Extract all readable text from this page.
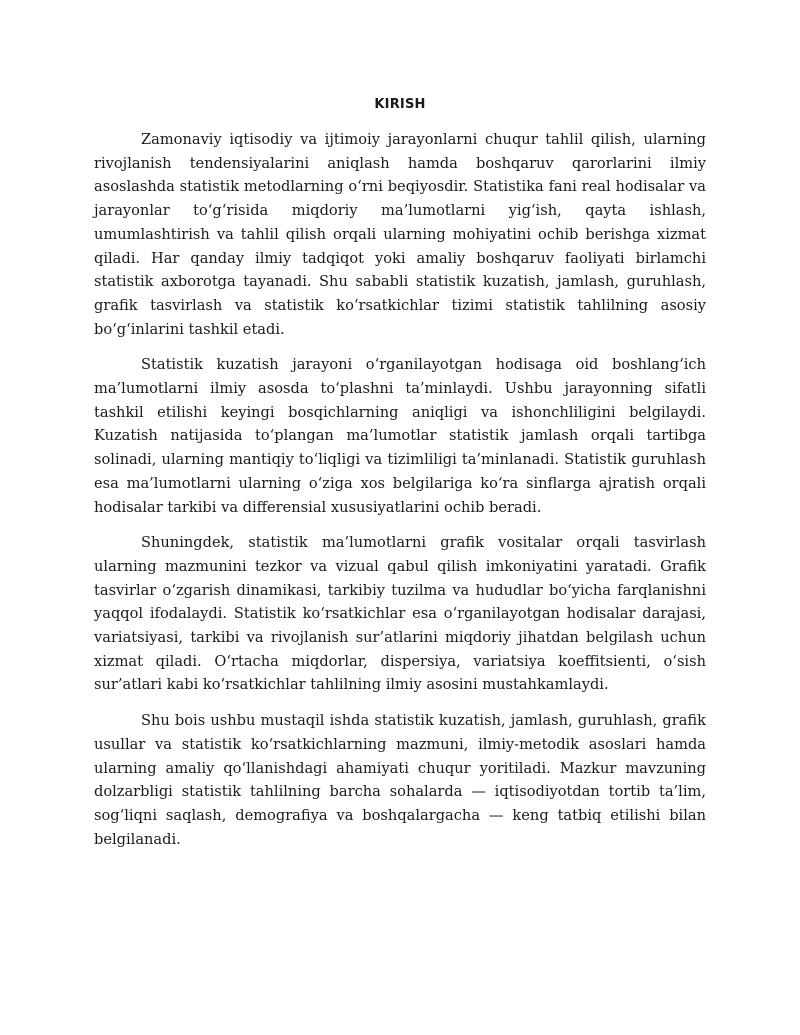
KIRISH

Zamonaviy iqtisodiy va ijtimoiy jarayonlarni chuqur tahlil qilish, ularning rivojlanish tendensiyalarini aniqlash hamda boshqaruv qarorlarini ilmiy asoslashda statistik metodlarning o‘rni beqiyosdir. Statistika fani real hodisalar va jarayonlar to‘g‘risida miqdoriy ma’lumotlarni yig‘ish, qayta ishlash, umumlashtirish va tahlil qilish orqali ularning mohiyatini ochib berishga xizmat qiladi. Har qanday ilmiy tadqiqot yoki amaliy boshqaruv faoliyati birlamchi statistik axborotga tayanadi. Shu sababli statistik kuzatish, jamlash, guruhlash, grafik tasvirlash va statistik ko‘rsatkichlar tizimi statistik tahlilning asosiy bo‘g‘inlarini tashkil etadi.

Statistik kuzatish jarayoni o‘rganilayotgan hodisaga oid boshlang‘ich ma’lumotlarni ilmiy asosda to‘plashni ta’minlaydi. Ushbu jarayonning sifatli tashkil etilishi keyingi bosqichlarning aniqligi va ishonchliligini belgilaydi. Kuzatish natijasida to‘plangan ma’lumotlar statistik jamlash orqali tartibga solinadi, ularning mantiqiy to‘liqligi va tizimliligi ta’minlanadi. Statistik guruhlash esa ma’lumotlarni ularning o‘ziga xos belgilariga ko‘ra sinflarga ajratish orqali hodisalar tarkibi va differensial xususiyatlarini ochib beradi.

Shuningdek, statistik ma’lumotlarni grafik vositalar orqali tasvirlash ularning mazmunini tezkor va vizual qabul qilish imkoniyatini yaratadi. Grafik tasvirlar o‘zgarish dinamikasi, tarkibiy tuzilma va hududlar bo‘yicha farqlanishni yaqqol ifodalaydi. Statistik ko‘rsatkichlar esa o‘rganilayotgan hodisalar darajasi, variatsiyasi, tarkibi va rivojlanish sur’atlarini miqdoriy jihatdan belgilash uchun xizmat qiladi. O‘rtacha miqdorlar, dispersiya, variatsiya koeffitsienti, o‘sish sur’atlari kabi ko‘rsatkichlar tahlilning ilmiy asosini mustahkamlaydi.

Shu bois ushbu mustaqil ishda statistik kuzatish, jamlash, guruhlash, grafik usullar va statistik ko‘rsatkichlarning mazmuni, ilmiy-metodik asoslari hamda ularning amaliy qo‘llanishdagi ahamiyati chuqur yoritiladi. Mazkur mavzuning dolzarbligi statistik tahlilning barcha sohalarda — iqtisodiyotdan tortib ta’lim, sog‘liqni saqlash, demografiya va boshqalargacha — keng tatbiq etilishi bilan belgilanadi.
